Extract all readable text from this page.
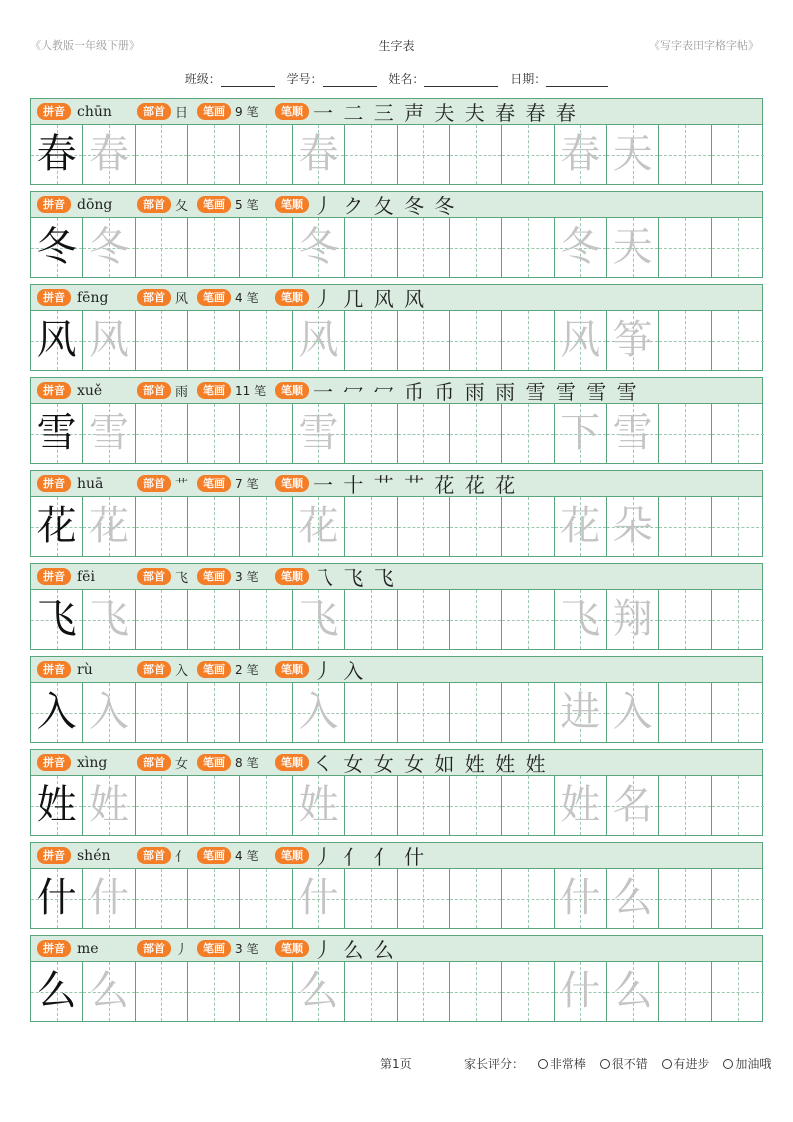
《人教版一年级下册》	生字表	《写字表田字格字帖》
班级：	学号：	姓名：	日期：
拼音 chūn	部首 日	笔画 9 笔	笔顺 一 二 三 声 夫 夫 春 春 春
春 春	春	春 天
拼音 dōng	部首 夂	笔画 5 笔	笔顺 丿 ク 夂 冬 冬
冬 冬	冬	冬 天
拼音 fēng	部首 风	笔画 4 笔	笔顺 丿 几 风 风
风 风	风	风 筝
拼音 xuě	部首 雨	笔画 11 笔	笔顺 一 冖 冖 币 币 雨 雨 雪 雪 雪 雪
雪 雪	雪	下 雪
拼音 huā	部首 艹	笔画 7 笔	笔顺 一 十 艹 艹 花 花 花
花 花	花	花 朵
拼音 fēi	部首 飞	笔画 3 笔	笔顺 乁 飞 飞
飞 飞	飞	飞 翔
拼音 rù	部首 入	笔画 2 笔	笔顺 丿 入
入 入	入	进 入
拼音 xìng	部首 女	笔画 8 笔	笔顺 ㇛ 女 女 女 如 姓 姓 姓
姓 姓	姓	姓 名
拼音 shén	部首 亻	笔画 4 笔	笔顺 丿 亻 亻 什
什 什	什	什 么
拼音 me	部首 丿	笔画 3 笔	笔顺 丿 么 么
么 么	么	什 么
第1页	家长评分： 非常棒 很不错 有进步 加油哦
